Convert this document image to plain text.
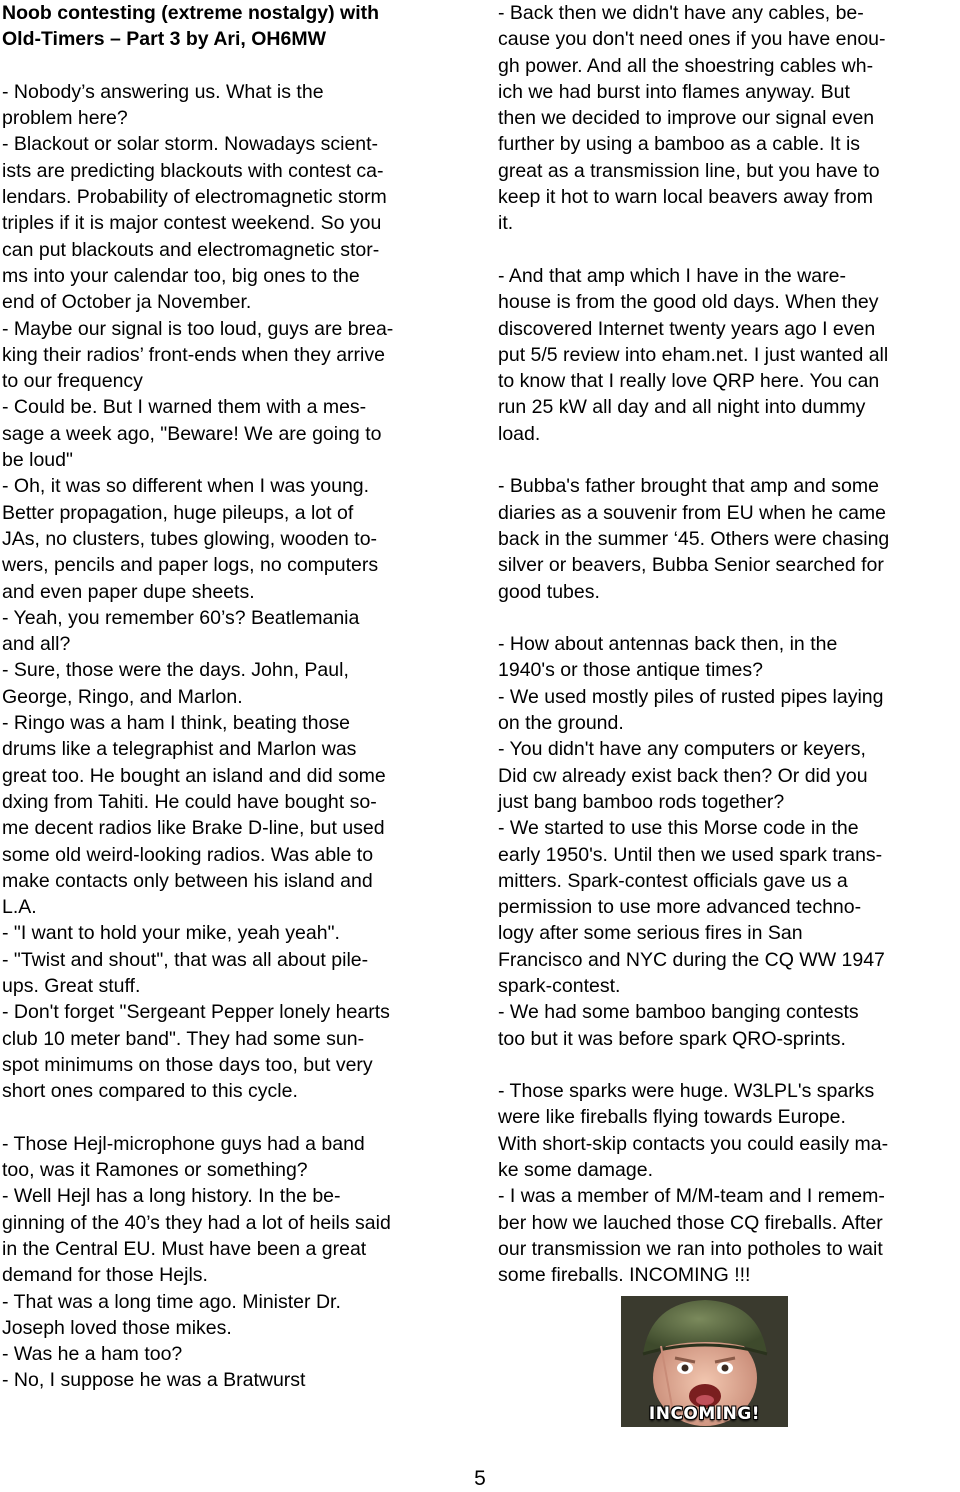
Noob contesting (extreme nostalgy) with

Old-Timers – Part 3 by Ari, OH6MW

- Nobody’s answering us. What is the

problem here?

- Blackout or solar storm. Nowadays scient-

ists are predicting blackouts with contest ca-

lendars. Probability of electromagnetic storm

triples if it is major contest weekend. So you

can put blackouts and electromagnetic stor-

ms into your calendar too, big ones to the

end of October ja November.

- Maybe our signal is too loud, guys are brea-

king their radios’ front-ends when they arrive

to our frequency

- Could be. But I warned them with a mes-

sage a week ago, "Beware! We are going to

be loud"

- Oh, it was so different when I was young.

Better propagation, huge pileups, a lot of

JAs, no clusters, tubes glowing, wooden to-

wers, pencils and paper logs, no computers

and even paper dupe sheets.

- Yeah, you remember 60’s? Beatlemania

and all?

- Sure, those were the days. John, Paul,

George, Ringo, and Marlon.

- Ringo was a ham I think, beating those

drums like a telegraphist and Marlon was

great too. He bought an island and did some

dxing from Tahiti. He could have bought so-

me decent radios like Brake D-line, but used

some old weird-looking radios. Was able to

make contacts only between his island and

L.A.

- "I want to hold your mike, yeah yeah".

- "Twist and shout", that was all about pile-

ups. Great stuff.

- Don't forget "Sergeant Pepper lonely hearts

club 10 meter band". They had some sun-

spot minimums on those days too, but very

short ones compared to this cycle.

- Those Hejl-microphone guys had a band

too, was it Ramones or something?

- Well Hejl has a long history. In the be-

ginning of the 40’s they had a lot of heils said

in the Central EU. Must have been a great

demand for those Hejls.

- That was a long time ago. Minister Dr.

Joseph loved those mikes.

- Was he a ham too?

- No, I suppose he was a Bratwurst

- Back then we didn't have any cables, be-

cause you don't need ones if you have enou-

gh power. And all the shoestring cables wh-

ich we had burst into flames anyway. But

then we decided to improve our signal even

further by using a bamboo as a cable. It is

great as a transmission line, but you have to

keep it hot to warn local beavers away from

it.

- And that amp which I have in the ware-

house is from the good old days. When they

discovered Internet twenty years ago I even

put 5/5 review into eham.net. I just wanted all

to know that I really love QRP here. You can

run 25 kW all day and all night into dummy

load.

- Bubba's father brought that amp and some

diaries as a souvenir from EU when he came

back in the summer ‘45. Others were chasing

silver or beavers, Bubba Senior searched for

good tubes.

- How about antennas back then, in the

1940's or those antique times?

- We used mostly piles of rusted pipes laying

on the ground.

- You didn't have any computers or keyers,

Did cw already exist back then? Or did you

just bang bamboo rods together?

- We started to use this Morse code in the

early 1950's. Until then we used spark trans-

mitters. Spark-contest officials gave us a

permission to use more advanced techno-

logy after some serious fires in San

Francisco and NYC during the CQ WW 1947

spark-contest.

- We had some bamboo banging contests

too but it was before spark QRO-sprints.

- Those sparks were huge. W3LPL's sparks

were like fireballs flying towards Europe.

With short-skip contacts you could easily ma-

ke some damage.

- I was a member of M/M-team and I remem-

ber how we lauched those CQ fireballs. After

our transmission we ran into potholes to wait

some fireballs. INCOMING !!!

INCOMING!
5
